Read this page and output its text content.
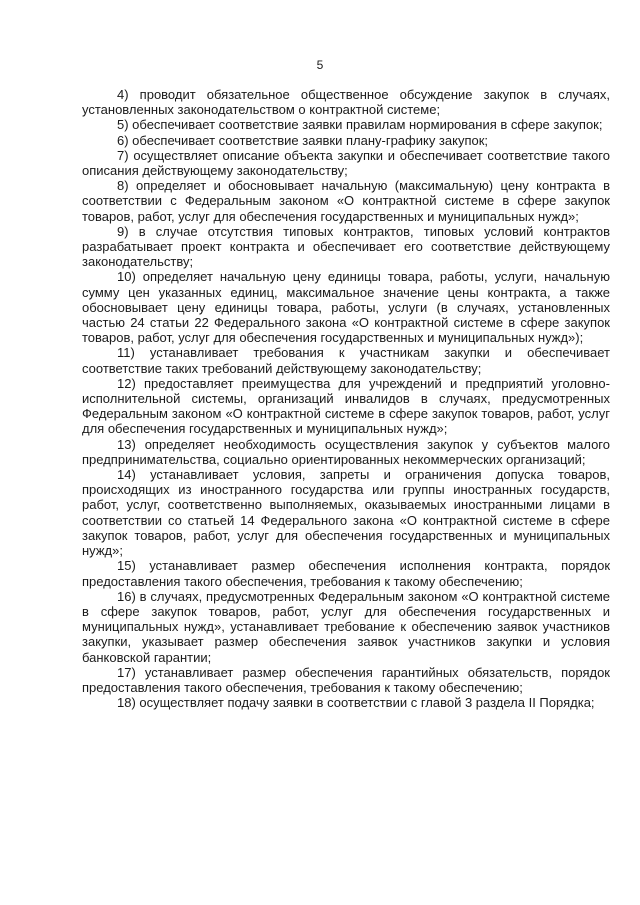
5

4) проводит обязательное общественное обсуждение закупок в случаях, установленных законодательством о контрактной системе;

5) обеспечивает соответствие заявки правилам нормирования в сфере закупок;

6) обеспечивает соответствие заявки плану-графику закупок;

7) осуществляет описание объекта закупки и обеспечивает соответствие такого описания действующему законодательству;

8) определяет и обосновывает начальную (максимальную) цену контракта в соответствии с Федеральным законом «О контрактной системе в сфере закупок товаров, работ, услуг для обеспечения государственных и муниципальных нужд»;

9) в случае отсутствия типовых контрактов, типовых условий контрактов разрабатывает проект контракта и обеспечивает его соответствие действующему законодательству;

10) определяет начальную цену единицы товара, работы, услуги, начальную сумму цен указанных единиц, максимальное значение цены контракта, а также обосновывает цену единицы товара, работы, услуги (в случаях, установленных частью 24 статьи 22 Федерального закона «О контрактной системе в сфере закупок товаров, работ, услуг для обеспечения государственных и муниципальных нужд»);

11) устанавливает требования к участникам закупки и обеспечивает соответствие таких требований действующему законодательству;

12) предоставляет преимущества для учреждений и предприятий уголовно-исполнительной системы, организаций инвалидов в случаях, предусмотренных Федеральным законом «О контрактной системе в сфере закупок товаров, работ, услуг для обеспечения государственных и муниципальных нужд»;

13) определяет необходимость осуществления закупок у субъектов малого предпринимательства, социально ориентированных некоммерческих организаций;

14) устанавливает условия, запреты и ограничения допуска товаров, происходящих из иностранного государства или группы иностранных государств, работ, услуг, соответственно выполняемых, оказываемых иностранными лицами в соответствии со статьей 14 Федерального закона «О контрактной системе в сфере закупок товаров, работ, услуг для обеспечения государственных и муниципальных нужд»;

15) устанавливает размер обеспечения исполнения контракта, порядок предоставления такого обеспечения, требования к такому обеспечению;

16) в случаях, предусмотренных Федеральным законом «О контрактной системе в сфере закупок товаров, работ, услуг для обеспечения государственных и муниципальных нужд», устанавливает требование к обеспечению заявок участников закупки, указывает размер обеспечения заявок участников закупки и условия банковской гарантии;

17) устанавливает размер обеспечения гарантийных обязательств, порядок предоставления такого обеспечения, требования к такому обеспечению;

18) осуществляет подачу заявки в соответствии с главой 3 раздела II Порядка;
